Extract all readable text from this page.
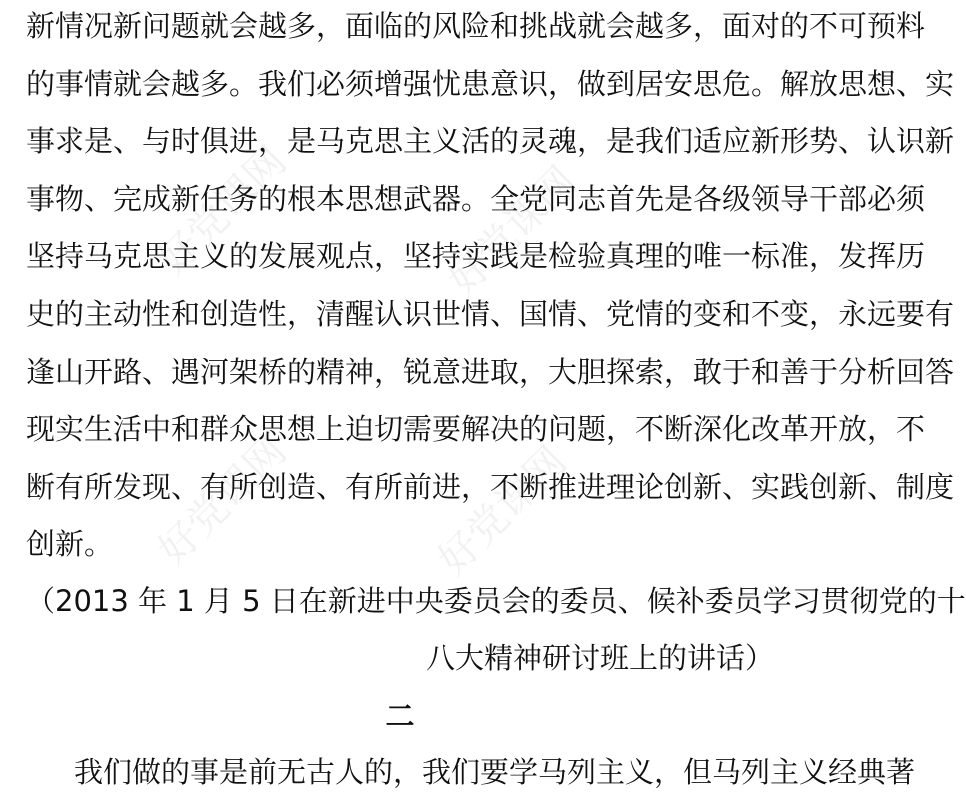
好党课网	好党课网
好党课网	好党课网
新情况新问题就会越多，面临的风险和挑战就会越多，面对的不可预料
的事情就会越多。我们必须增强忧患意识，做到居安思危。解放思想、实
事求是、与时俱进，是马克思主义活的灵魂，是我们适应新形势、认识新
事物、完成新任务的根本思想武器。全党同志首先是各级领导干部必须
坚持马克思主义的发展观点，坚持实践是检验真理的唯一标准，发挥历
史的主动性和创造性，清醒认识世情、国情、党情的变和不变，永远要有
逢山开路、遇河架桥的精神，锐意进取，大胆探索，敢于和善于分析回答
现实生活中和群众思想上迫切需要解决的问题，不断深化改革开放，不
断有所发现、有所创造、有所前进，不断推进理论创新、实践创新、制度
创新。
（2013 年 1 月 5 日在新进中央委员会的委员、候补委员学习贯彻党的十
八大精神研讨班上的讲话）
二
我们做的事是前无古人的，我们要学马列主义，但马列主义经典著
